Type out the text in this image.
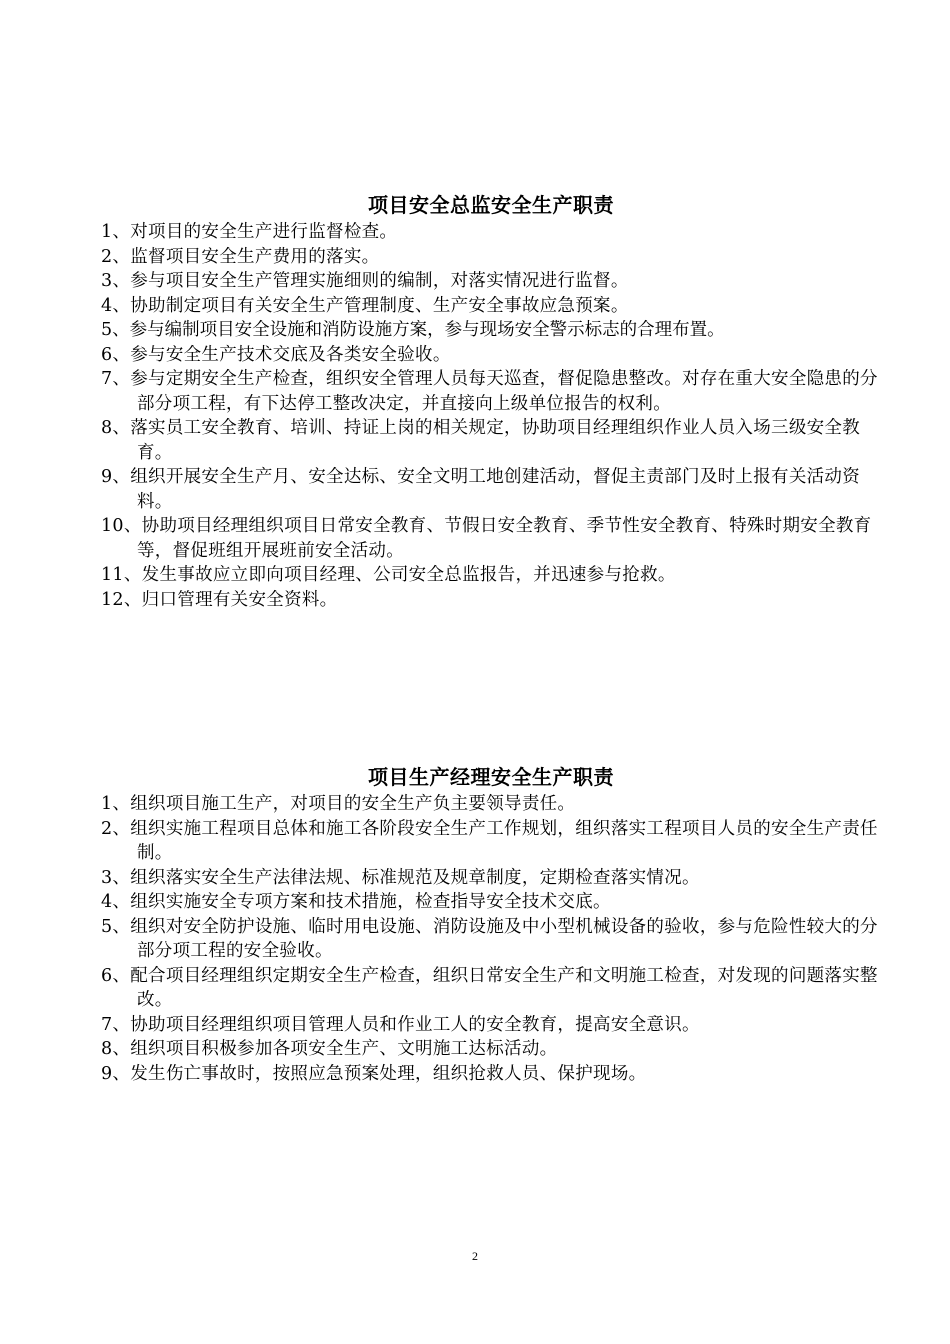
项目安全总监安全生产职责

1、对项目的安全生产进行监督检查。

2、监督项目安全生产费用的落实。

3、参与项目安全生产管理实施细则的编制，对落实情况进行监督。

4、协助制定项目有关安全生产管理制度、生产安全事故应急预案。

5、参与编制项目安全设施和消防设施方案，参与现场安全警示标志的合理布置。

6、参与安全生产技术交底及各类安全验收。

7、参与定期安全生产检查，组织安全管理人员每天巡查，督促隐患整改。对存在重大安全隐患的分部分项工程，有下达停工整改决定，并直接向上级单位报告的权利。

8、落实员工安全教育、培训、持证上岗的相关规定，协助项目经理组织作业人员入场三级安全教育。

9、组织开展安全生产月、安全达标、安全文明工地创建活动，督促主责部门及时上报有关活动资料。

10、协助项目经理组织项目日常安全教育、节假日安全教育、季节性安全教育、特殊时期安全教育等，督促班组开展班前安全活动。

11、发生事故应立即向项目经理、公司安全总监报告，并迅速参与抢救。

12、归口管理有关安全资料。

项目生产经理安全生产职责

1、组织项目施工生产，对项目的安全生产负主要领导责任。

2、组织实施工程项目总体和施工各阶段安全生产工作规划，组织落实工程项目人员的安全生产责任制。

3、组织落实安全生产法律法规、标准规范及规章制度，定期检查落实情况。

4、组织实施安全专项方案和技术措施，检查指导安全技术交底。

5、组织对安全防护设施、临时用电设施、消防设施及中小型机械设备的验收，参与危险性较大的分部分项工程的安全验收。

6、配合项目经理组织定期安全生产检查，组织日常安全生产和文明施工检查，对发现的问题落实整改。

7、协助项目经理组织项目管理人员和作业工人的安全教育，提高安全意识。

8、组织项目积极参加各项安全生产、文明施工达标活动。

9、发生伤亡事故时，按照应急预案处理，组织抢救人员、保护现场。

2
